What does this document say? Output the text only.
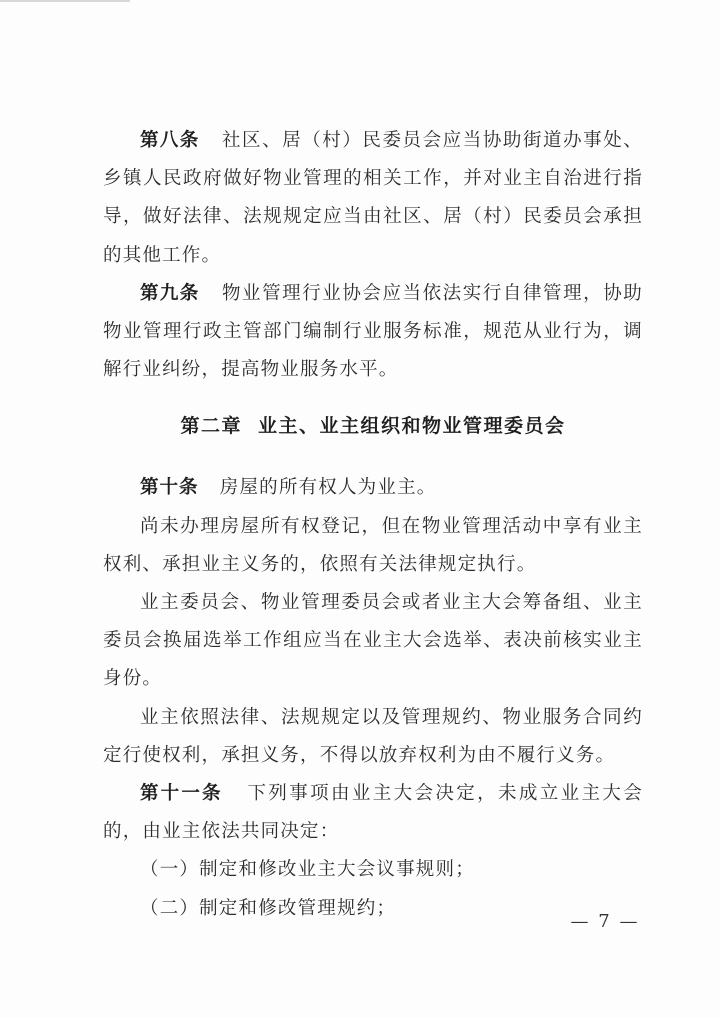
第八条 社区、居（村）民委员会应当协助街道办事处、乡镇人民政府做好物业管理的相关工作，并对业主自治进行指导，做好法律、法规规定应当由社区、居（村）民委员会承担的其他工作。

第九条 物业管理行业协会应当依法实行自律管理，协助物业管理行政主管部门编制行业服务标准，规范从业行为，调解行业纠纷，提高物业服务水平。

第二章 业主、业主组织和物业管理委员会

第十条 房屋的所有权人为业主。

尚未办理房屋所有权登记，但在物业管理活动中享有业主权利、承担业主义务的，依照有关法律规定执行。

业主委员会、物业管理委员会或者业主大会筹备组、业主委员会换届选举工作组应当在业主大会选举、表决前核实业主身份。

业主依照法律、法规规定以及管理规约、物业服务合同约定行使权利，承担义务，不得以放弃权利为由不履行义务。

第十一条 下列事项由业主大会决定，未成立业主大会的，由业主依法共同决定：

（一）制定和修改业主大会议事规则；

（二）制定和修改管理规约；

— 7 —
